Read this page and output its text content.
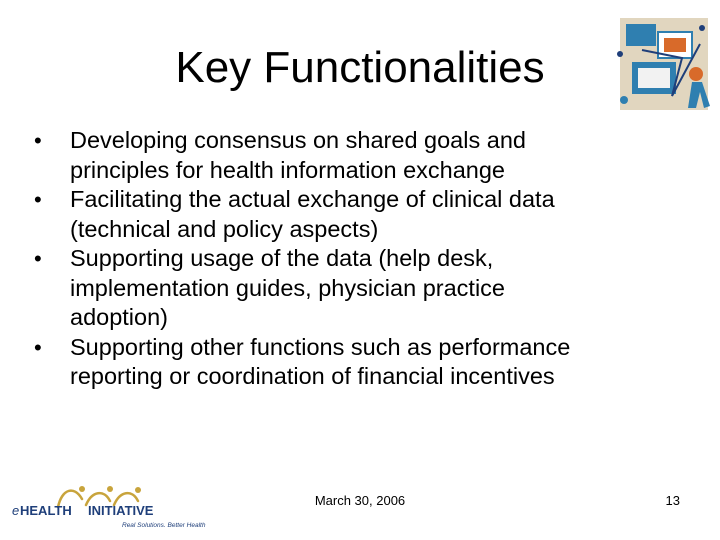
Key Functionalities
•	Developing consensus on shared goals and
principles for health information exchange
•	Facilitating the actual exchange of clinical data
(technical and policy aspects)
•	Supporting usage of the data (help desk,
implementation guides, physician practice
adoption)
•	Supporting other functions such as performance
reporting or coordination of financial incentives
e HEALTH INITIATIVE
Real Solutions. Better Health
March 30, 2006	13
